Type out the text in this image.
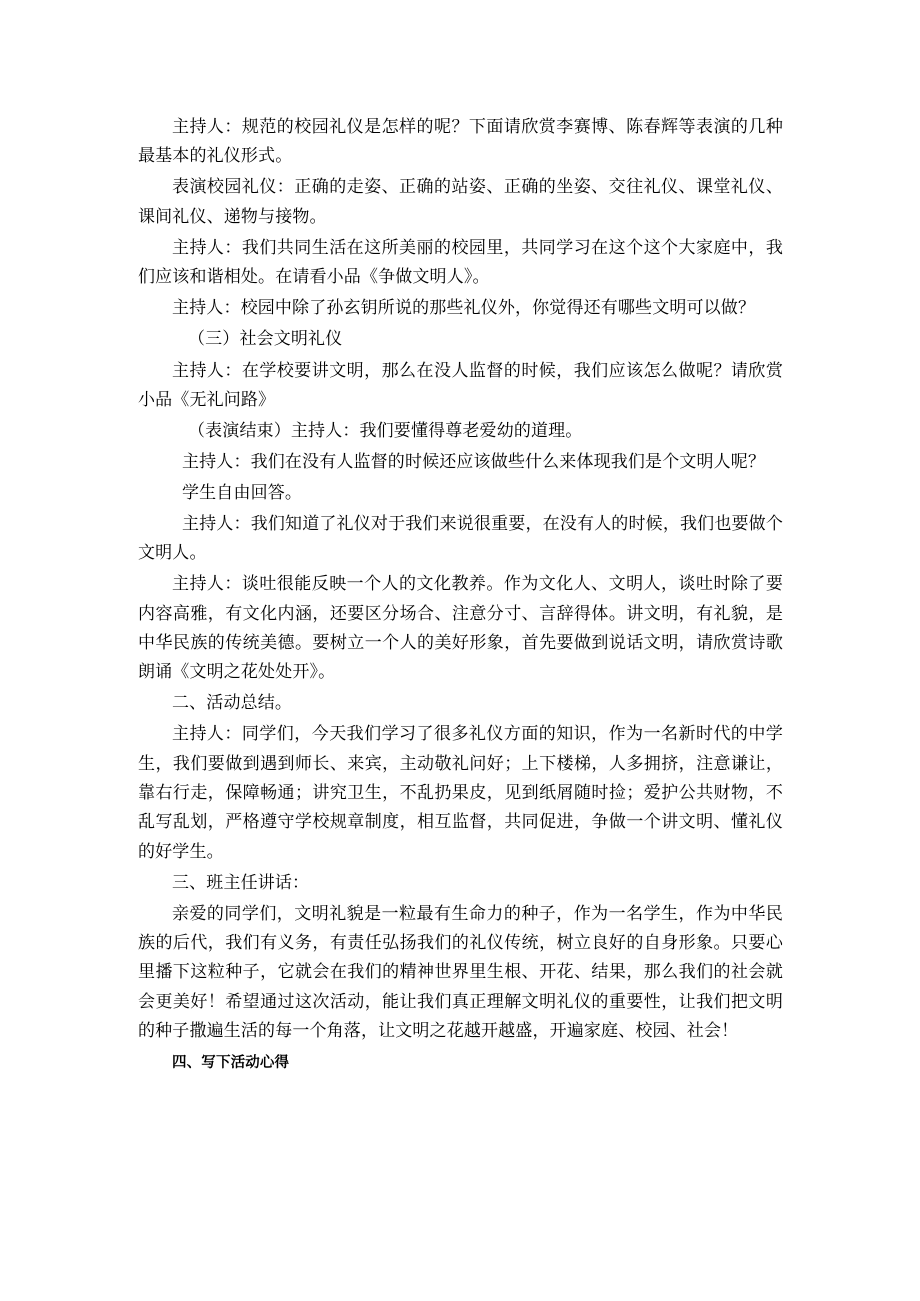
主持人：规范的校园礼仪是怎样的呢？下面请欣赏李赛博、陈春辉等表演的几种最基本的礼仪形式。

表演校园礼仪：正确的走姿、正确的站姿、正确的坐姿、交往礼仪、课堂礼仪、课间礼仪、递物与接物。

主持人：我们共同生活在这所美丽的校园里，共同学习在这个这个大家庭中，我们应该和谐相处。在请看小品《争做文明人》。

主持人：校园中除了孙玄钥所说的那些礼仪外，你觉得还有哪些文明可以做？

（三）社会文明礼仪

主持人：在学校要讲文明，那么在没人监督的时候，我们应该怎么做呢？请欣赏小品《无礼问路》

（表演结束）主持人：我们要懂得尊老爱幼的道理。

主持人：我们在没有人监督的时候还应该做些什么来体现我们是个文明人呢？

学生自由回答。

主持人：我们知道了礼仪对于我们来说很重要，在没有人的时候，我们也要做个文明人。

主持人：谈吐很能反映一个人的文化教养。作为文化人、文明人，谈吐时除了要内容高雅，有文化内涵，还要区分场合、注意分寸、言辞得体。讲文明，有礼貌，是中华民族的传统美德。要树立一个人的美好形象，首先要做到说话文明，请欣赏诗歌朗诵《文明之花处处开》。

二、活动总结。

主持人：同学们，今天我们学习了很多礼仪方面的知识，作为一名新时代的中学生，我们要做到遇到师长、来宾，主动敬礼问好；上下楼梯，人多拥挤，注意谦让，靠右行走，保障畅通；讲究卫生，不乱扔果皮，见到纸屑随时捡；爱护公共财物，不乱写乱划，严格遵守学校规章制度，相互监督，共同促进，争做一个讲文明、懂礼仪的好学生。

三、班主任讲话：

亲爱的同学们，文明礼貌是一粒最有生命力的种子，作为一名学生，作为中华民族的后代，我们有义务，有责任弘扬我们的礼仪传统，树立良好的自身形象。只要心里播下这粒种子，它就会在我们的精神世界里生根、开花、结果，那么我们的社会就会更美好！希望通过这次活动，能让我们真正理解文明礼仪的重要性，让我们把文明的种子撒遍生活的每一个角落，让文明之花越开越盛，开遍家庭、校园、社会！

四、写下活动心得
